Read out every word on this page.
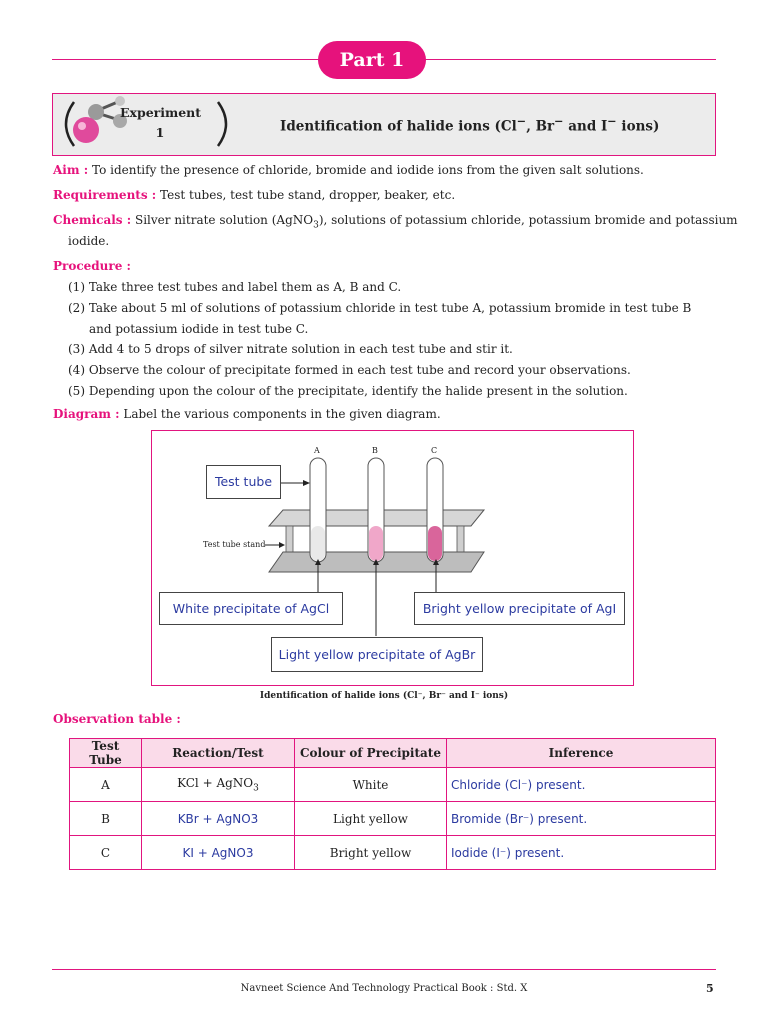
Part 1
Experiment
1	Identification of halide ions (Cl−, Br− and I− ions)
Aim : To identify the presence of chloride, bromide and iodide ions from the given salt solutions.
Requirements : Test tubes, test tube stand, dropper, beaker, etc.
Chemicals : Silver nitrate solution (AgNO$_3$), solutions of potassium chloride, potassium bromide and potassium
iodide.
Procedure :
(1) Take three test tubes and label them as A, B and C.
(2) Take about 5 ml of solutions of potassium chloride in test tube A, potassium bromide in test tube B
and potassium iodide in test tube C.
(3) Add 4 to 5 drops of silver nitrate solution in each test tube and stir it.
(4) Observe the colour of precipitate formed in each test tube and record your observations.
(5) Depending upon the colour of the precipitate, identify the halide present in the solution.
Diagram : Label the various components in the given diagram.
A	B	C
Test tube stand
Test tube
White precipitate of AgCl	Bright yellow precipitate of AgI
Light yellow precipitate of AgBr
Identification of halide ions (Cl⁻, Br⁻ and I⁻ ions)
Observation table :
Test Tube	Reaction/Test	Colour of Precipitate	Inference
A	KCl + AgNO$_3$	White	Chloride (Cl⁻) present.
B	KBr + AgNO3	Light yellow	Bromide (Br⁻) present.
C	KI + AgNO3	Bright yellow	Iodide (I⁻) present.
Navneet Science And Technology Practical Book : Std. X	5
